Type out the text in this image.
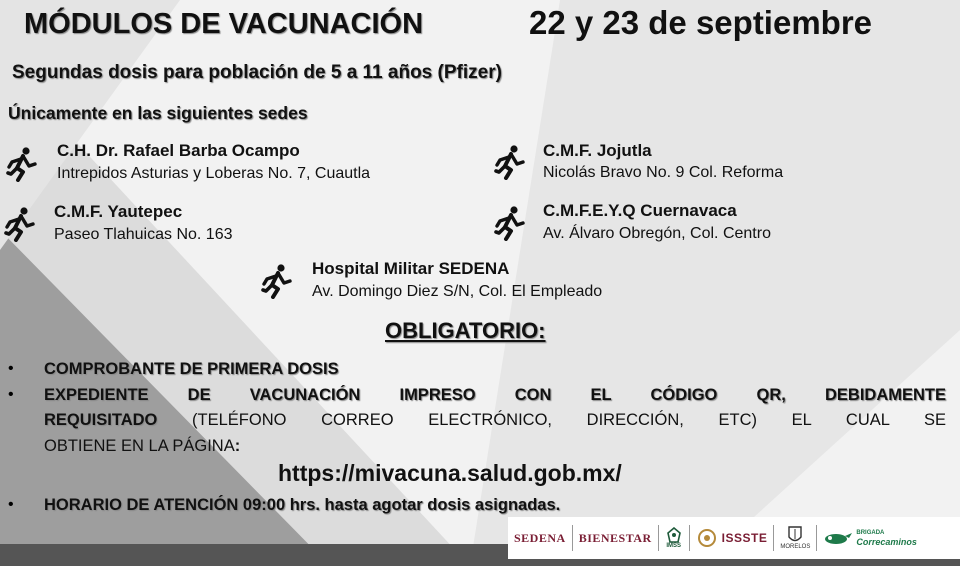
MÓDULOS DE VACUNACIÓN	22 y 23 de septiembre
Segundas dosis para población de 5 a 11 años (Pfizer)
Únicamente en las siguientes sedes
C.H. Dr. Rafael Barba Ocampo
Intrepidos Asturias y Loberas No. 7, Cuautla
C.M.F. Jojutla
Nicolás Bravo No. 9 Col. Reforma
C.M.F. Yautepec
Paseo Tlahuicas No. 163
C.M.F.E.Y.Q Cuernavaca
Av. Álvaro Obregón, Col. Centro
Hospital Militar SEDENA
Av. Domingo Diez S/N, Col. El Empleado
OBLIGATORIO:
• COMPROBANTE DE PRIMERA DOSIS
• EXPEDIENTE DE VACUNACIÓN IMPRESO CON EL CÓDIGO QR, DEBIDAMENTE
REQUISITADO (TELÉFONO CORREO ELECTRÓNICO, DIRECCIÓN, ETC) EL CUAL SE
OBTIENE EN LA PÁGINA:
https://mivacuna.salud.gob.mx/
• HORARIO DE ATENCIÓN 09:00 hrs. hasta agotar dosis asignadas.
SEDENA BIENESTAR
IMSS
ISSSTE
MORELOS
BRIGADA
Correcaminos
